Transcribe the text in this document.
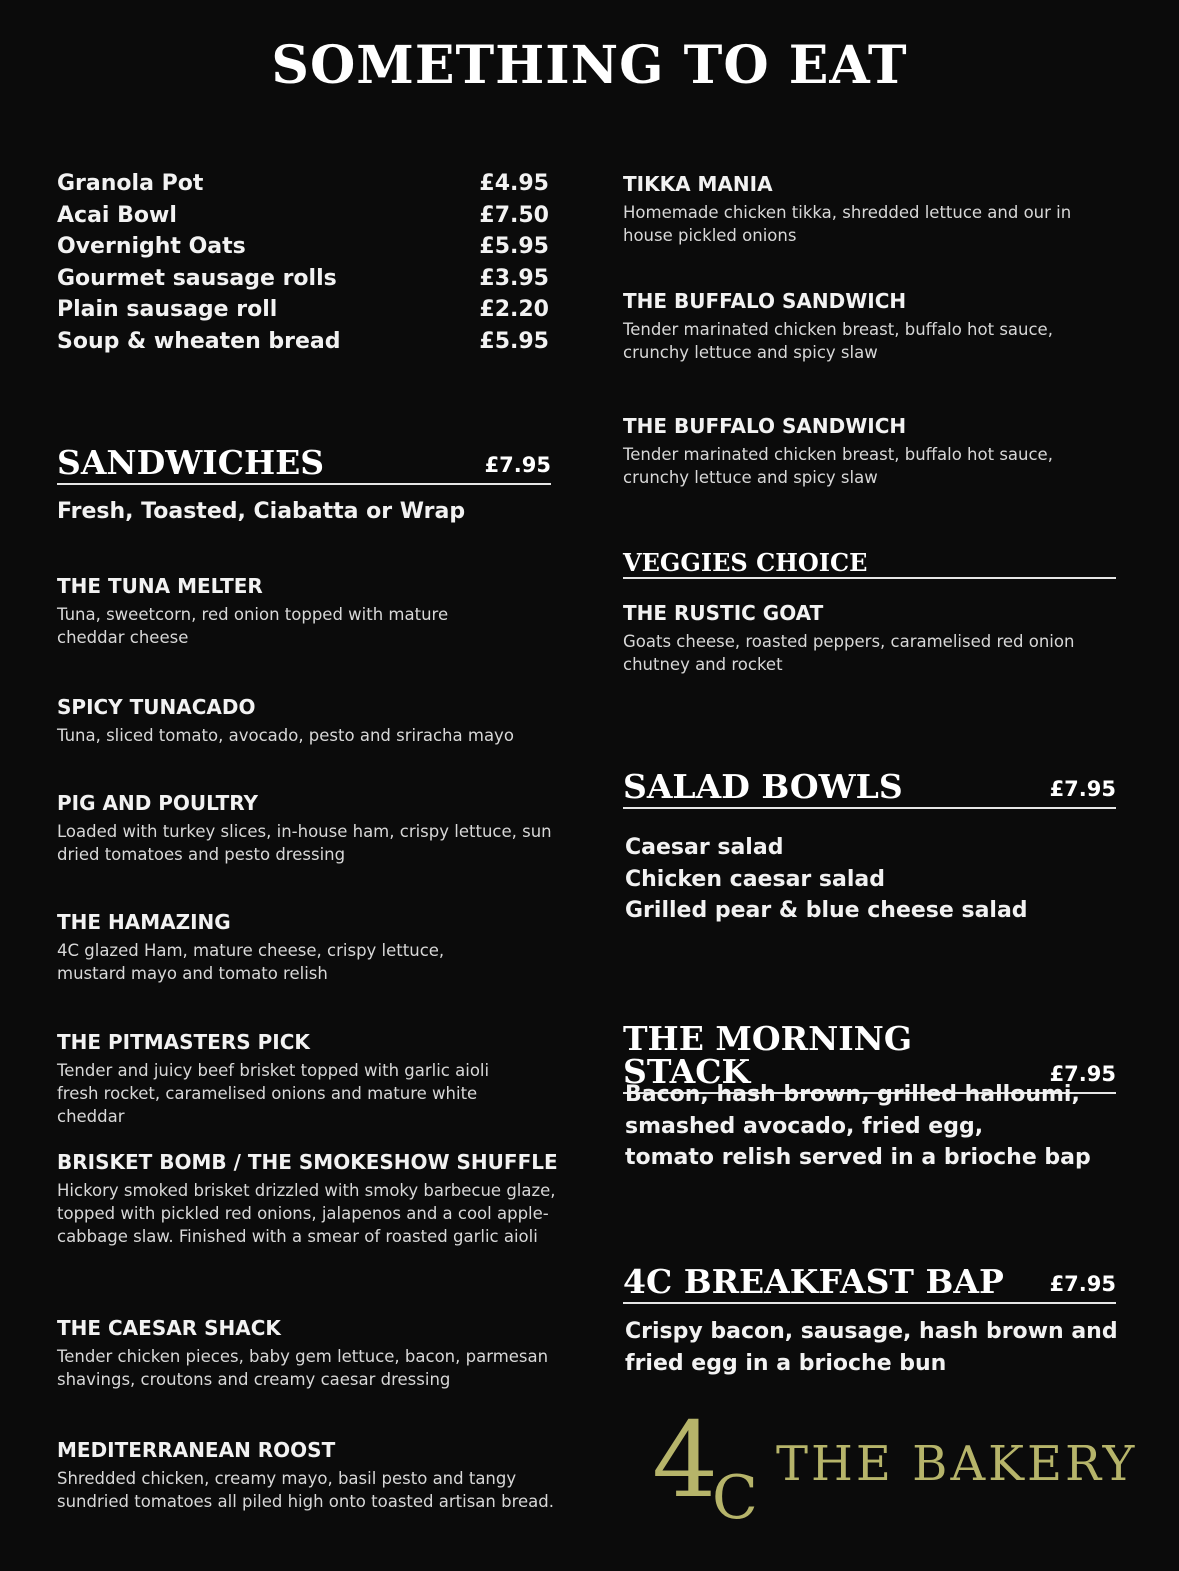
SOMETHING TO EAT
Granola Pot	£4.95
Acai Bowl	£7.50
Overnight Oats	£5.95
Gourmet sausage rolls	£3.95
Plain sausage roll	£2.20
Soup & wheaten bread	£5.95
SANDWICHES	£7.95
Fresh, Toasted, Ciabatta or Wrap
THE TUNA MELTER
Tuna, sweetcorn, red onion topped with mature cheddar cheese
SPICY TUNACADO
Tuna, sliced tomato, avocado, pesto and sriracha mayo
PIG AND POULTRY
Loaded with turkey slices, in-house ham, crispy lettuce, sun dried tomatoes and pesto dressing
THE HAMAZING
4C glazed Ham, mature cheese, crispy lettuce, mustard mayo and tomato relish
THE PITMASTERS PICK
Tender and juicy beef brisket topped with garlic aioli fresh rocket, caramelised onions and mature white cheddar
BRISKET BOMB / THE SMOKESHOW SHUFFLE
Hickory smoked brisket drizzled with smoky barbecue glaze, topped with pickled red onions, jalapenos and a cool apple-cabbage slaw. Finished with a smear of roasted garlic aioli
THE CAESAR SHACK
Tender chicken pieces, baby gem lettuce, bacon, parmesan shavings, croutons and creamy caesar dressing
MEDITERRANEAN ROOST
Shredded chicken, creamy mayo, basil pesto and tangy sundried tomatoes all piled high onto toasted artisan bread.
TIKKA MANIA
Homemade chicken tikka, shredded lettuce and our in house pickled onions
THE BUFFALO SANDWICH
Tender marinated chicken breast, buffalo hot sauce, crunchy lettuce and spicy slaw
THE BUFFALO SANDWICH
Tender marinated chicken breast, buffalo hot sauce, crunchy lettuce and spicy slaw
VEGGIES CHOICE
THE RUSTIC GOAT
Goats cheese, roasted peppers, caramelised red onion chutney and rocket
SALAD BOWLS	£7.95
Caesar salad
Chicken caesar salad
Grilled pear & blue cheese salad
THE MORNING STACK	£7.95
Bacon, hash brown, grilled halloumi,
smashed avocado, fried egg,
tomato relish served in a brioche bap
4C BREAKFAST BAP £7.95
Crispy bacon, sausage, hash brown and
fried egg in a brioche bun
4
C THE BAKERY
